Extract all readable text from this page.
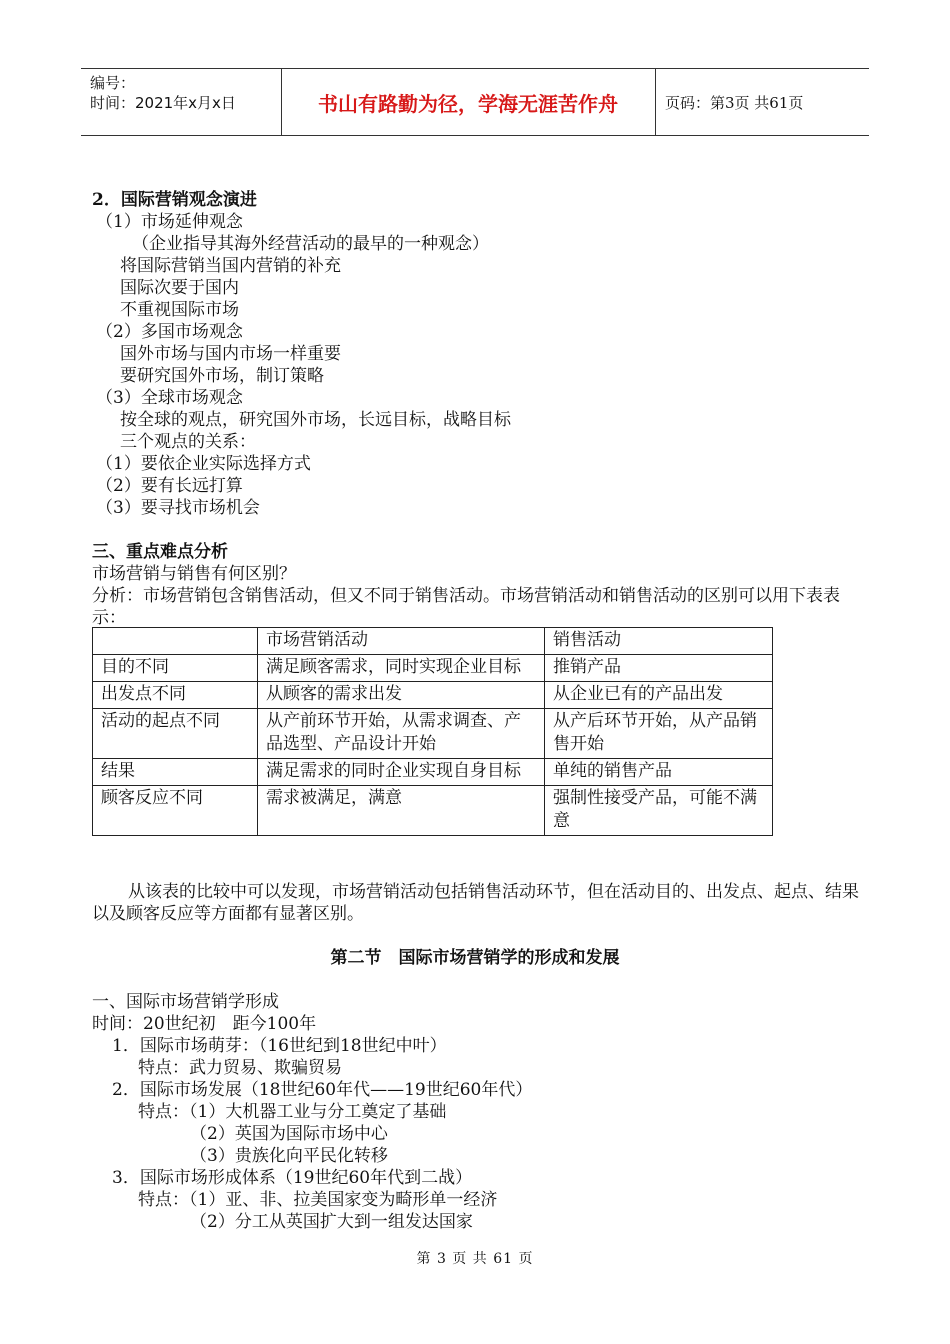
编号：
时间：2021年x月x日	书山有路勤为径，学海无涯苦作舟	页码：第3页 共61页
2．国际营销观念演进
（1）市场延伸观念
（企业指导其海外经营活动的最早的一种观念）
将国际营销当国内营销的补充
国际次要于国内
不重视国际市场
（2）多国市场观念
国外市场与国内市场一样重要
要研究国外市场，制订策略
（3）全球市场观念
按全球的观点，研究国外市场，长远目标，战略目标
三个观点的关系：
（1）要依企业实际选择方式
（2）要有长远打算
（3）要寻找市场机会
三、重点难点分析
市场营销与销售有何区别？
分析：市场营销包含销售活动，但又不同于销售活动。市场营销活动和销售活动的区别可以用下表表示：
	市场营销活动	销售活动
目的不同	满足顾客需求，同时实现企业目标	推销产品
出发点不同	从顾客的需求出发	从企业已有的产品出发
活动的起点不同	从产前环节开始，从需求调查、产品选型、产品设计开始	从产后环节开始，从产品销售开始
结果	满足需求的同时企业实现自身目标	单纯的销售产品
顾客反应不同	需求被满足，满意	强制性接受产品，可能不满意
从该表的比较中可以发现，市场营销活动包括销售活动环节，但在活动目的、出发点、起点、结果以及顾客反应等方面都有显著区别。
第二节　国际市场营销学的形成和发展
一、国际市场营销学形成
时间：20世纪初　距今100年
1．国际市场萌芽：（16世纪到18世纪中叶）
特点：武力贸易、欺骗贸易
2．国际市场发展（18世纪60年代——19世纪60年代）
特点：（1）大机器工业与分工奠定了基础
（2）英国为国际市场中心
（3）贵族化向平民化转移
3．国际市场形成体系（19世纪60年代到二战）
特点：（1）亚、非、拉美国家变为畸形单一经济
（2）分工从英国扩大到一组发达国家
第 3 页 共 61 页
